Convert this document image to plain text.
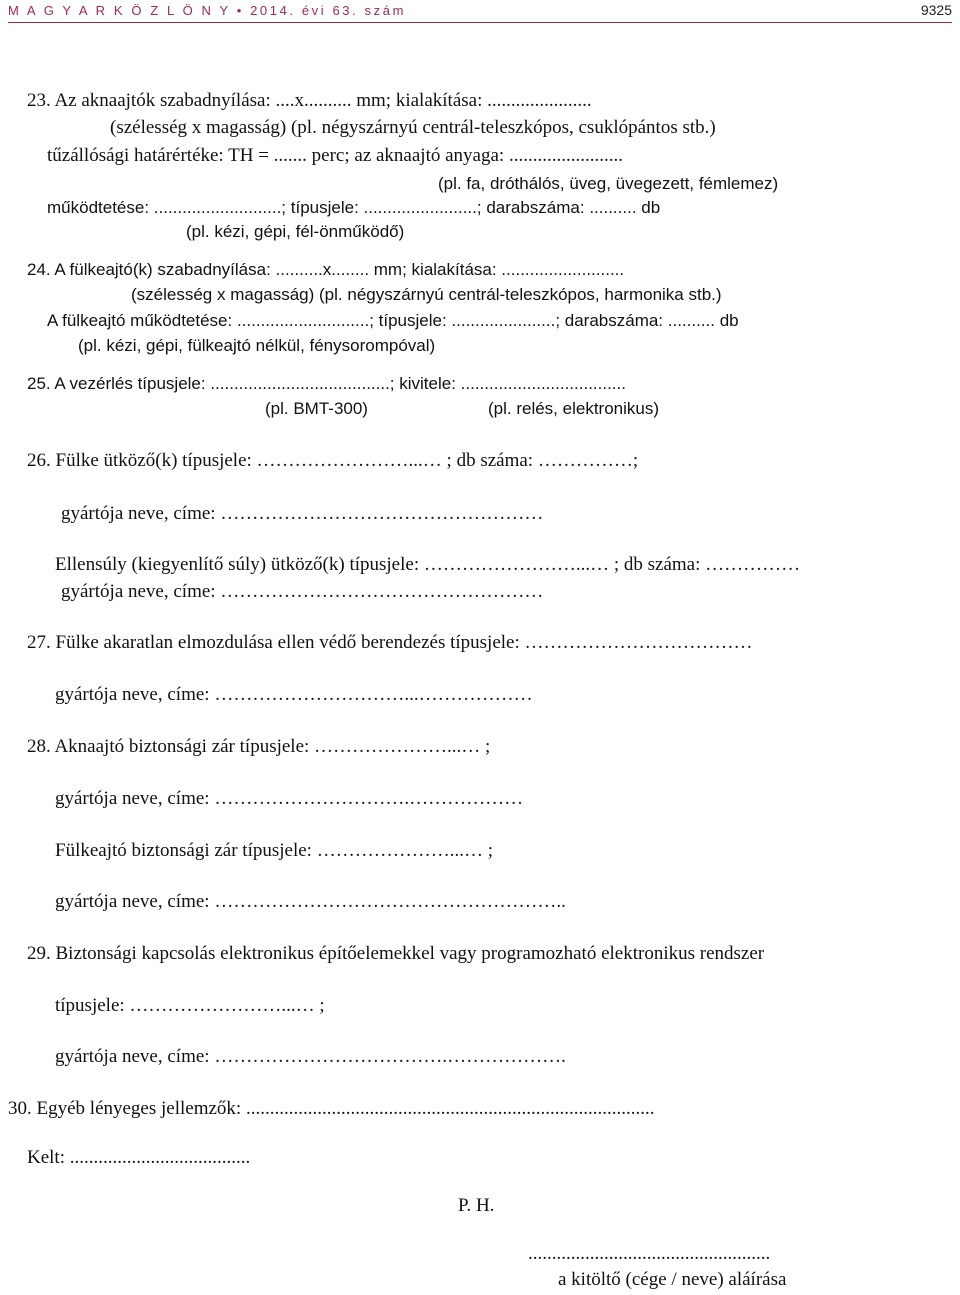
M A G Y A R K Ö Z L Ö N Y • 2014. évi 63. szám	9325
23. Az aknaajtók szabadnyílása: ....x.......... mm; kialakítása: ......................
(szélesség x magasság) (pl. négyszárnyú centrál-teleszkópos, csuklópántos stb.)
tűzállósági határértéke: TH = ....... perc; az aknaajtó anyaga: ........................
(pl. fa, dróthálós, üveg, üvegezett, fémlemez)
működtetése: ...........................; típusjele: ........................; darabszáma: .......... db
(pl. kézi, gépi, fél-önműködő)
24. A fülkeajtó(k) szabadnyílása: ..........x........ mm; kialakítása: ..........................
(szélesség x magasság) (pl. négyszárnyú centrál-teleszkópos, harmonika stb.)
A fülkeajtó működtetése: ............................; típusjele: ......................; darabszáma: .......... db
(pl. kézi, gépi, fülkeajtó nélkül, fénysorompóval)
25. A vezérlés típusjele: ......................................; kivitele: ...................................
(pl. BMT-300)	(pl. relés, elektronikus)
26. Fülke ütköző(k) típusjele: ……………………...… ; db száma: ……………;
gyártója neve, címe: ……………………………………………
Ellensúly (kiegyenlítő súly) ütköző(k) típusjele: ……………………...… ; db száma: ……………
gyártója neve, címe: ……………………………………………
27. Fülke akaratlan elmozdulása ellen védő berendezés típusjele: ………………………………
gyártója neve, címe: …………………………...………………
28. Aknaajtó biztonsági zár típusjele: …………………...… ;
gyártója neve, címe: ………………………….………………
Fülkeajtó biztonsági zár típusjele: …………………...… ;
gyártója neve, címe: ………………………………………………..
29. Biztonsági kapcsolás elektronikus építőelemekkel vagy programozható elektronikus rendszer
típusjele: ……………………...… ;
gyártója neve, címe: ……………………………….……………….
30. Egyéb lényeges jellemzők: ......................................................................................
Kelt: ......................................
P. H.
...................................................
a kitöltő (cége / neve) aláírása
